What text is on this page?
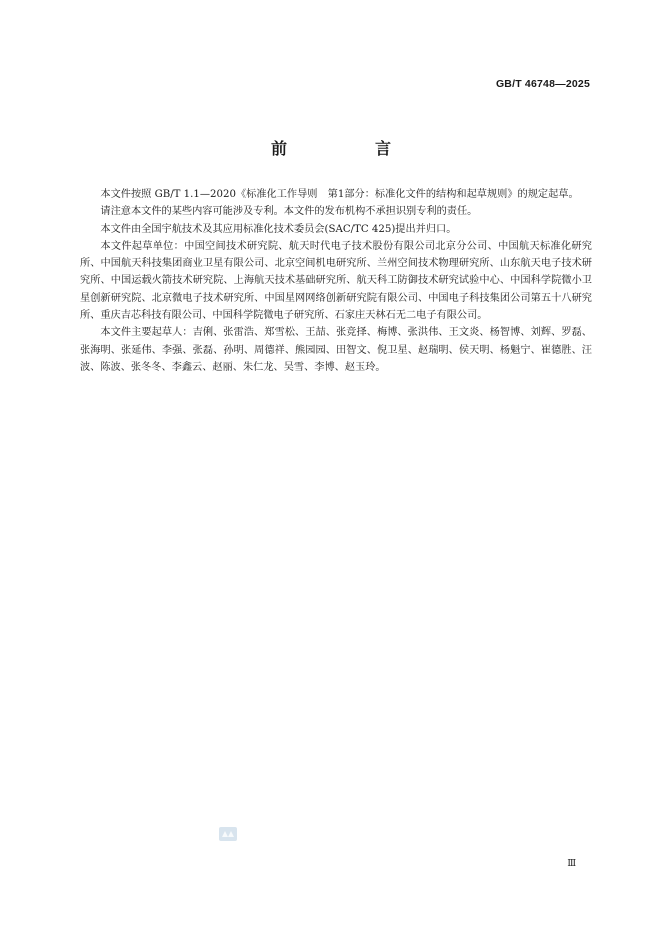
GB/T 46748—2025
前　言

本文件按照 GB/T 1.1—2020《标准化工作导则　第1部分：标准化文件的结构和起草规则》的规定起草。

请注意本文件的某些内容可能涉及专利。本文件的发布机构不承担识别专利的责任。

本文件由全国宇航技术及其应用标准化技术委员会(SAC/TC 425)提出并归口。

本文件起草单位：中国空间技术研究院、航天时代电子技术股份有限公司北京分公司、中国航天标准化研究所、中国航天科技集团商业卫星有限公司、北京空间机电研究所、兰州空间技术物理研究所、山东航天电子技术研究所、中国运载火箭技术研究院、上海航天技术基础研究所、航天科工防御技术研究试验中心、中国科学院微小卫星创新研究院、北京微电子技术研究所、中国星网网络创新研究院有限公司、中国电子科技集团公司第五十八研究所、重庆吉芯科技有限公司、中国科学院微电子研究所、石家庄天林石无二电子有限公司。

本文件主要起草人：吉俐、张雷浩、郑雪松、王喆、张竞择、梅博、张洪伟、王文炎、杨智博、刘辉、罗磊、张海明、张延伟、李强、张磊、孙明、周德祥、熊园园、田智文、倪卫星、赵瑞明、侯天明、杨魁宁、崔德胜、汪波、陈波、张冬冬、李鑫云、赵丽、朱仁龙、吴雪、李博、赵玉玲。

Ⅲ
